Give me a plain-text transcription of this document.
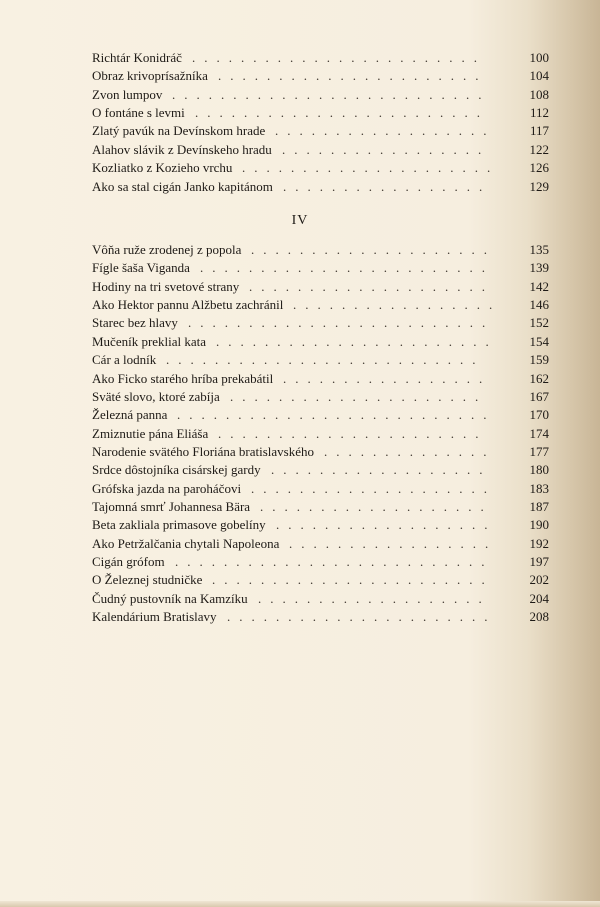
Richtár Konidráč ........................	100
Obraz krivoprísažníka ......................	104
Zvon lumpov ..........................	108
O fontáne s levmi ........................	112
Zlatý pavúk na Devínskom hrade ..................	117
Alahov slávik z Devínskeho hradu .................	122
Kozliatko z Kozieho vrchu .....................	126
Ako sa stal cigán Janko kapitánom .................	129
IV
Vôňa ruže zrodenej z popola ....................	135
Fígle šaša Viganda ........................	139
Hodiny na tri svetové strany ....................	142
Ako Hektor pannu Alžbetu zachránil .................	146
Starec bez hlavy .........................	152
Mučeník preklial kata .......................	154
Cár a lodník ..........................	159
Ako Ficko starého hríba prekabátil .................	162
Sväté slovo, ktoré zabíja .....................	167
Železná panna ..........................	170
Zmiznutie pána Eliáša ......................	174
Narodenie svätého Floriána bratislavského ..............	177
Srdce dôstojníka cisárskej gardy ..................	180
Grófska jazda na paroháčovi ....................	183
Tajomná smrť Johannesa Bära ...................	187
Beta zakliala primasove gobelíny ..................	190
Ako Petržalčania chytali Napoleona .................	192
Cigán grófom ..........................	197
O Železnej studničke .......................	202
Čudný pustovník na Kamzíku ...................	204
Kalendárium Bratislavy ......................	208
